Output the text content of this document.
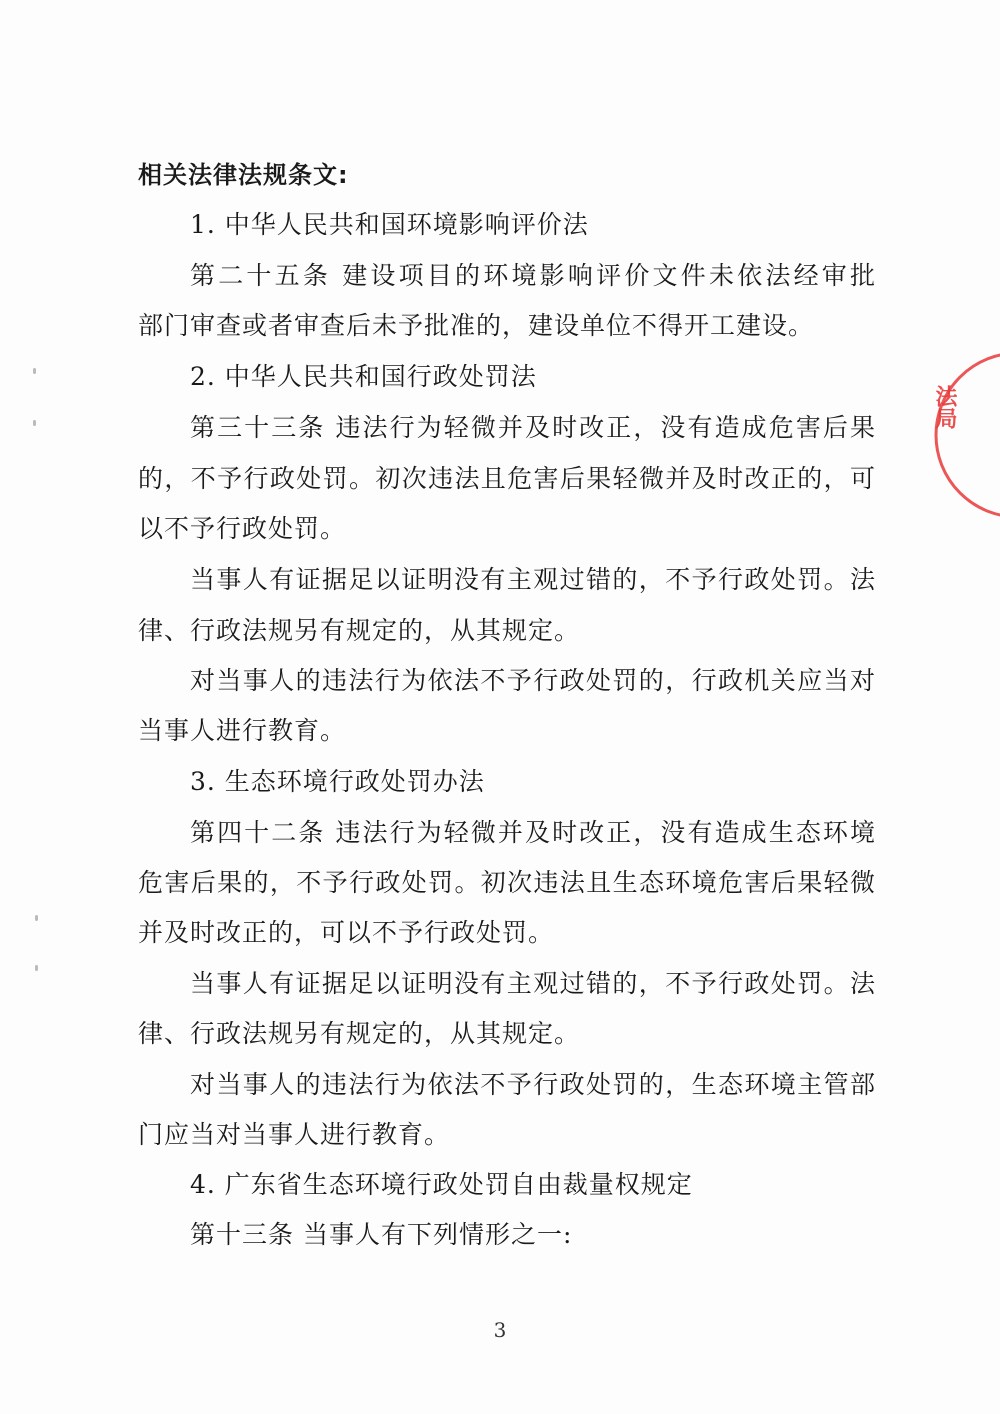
相关法律法规条文:
1. 中华人民共和国环境影响评价法
第二十五条 建设项目的环境影响评价文件未依法经审批
部门审查或者审查后未予批准的，建设单位不得开工建设。
2. 中华人民共和国行政处罚法
第三十三条 违法行为轻微并及时改正，没有造成危害后果
的，不予行政处罚。初次违法且危害后果轻微并及时改正的，可
以不予行政处罚。
当事人有证据足以证明没有主观过错的，不予行政处罚。法
律、行政法规另有规定的，从其规定。
对当事人的违法行为依法不予行政处罚的，行政机关应当对
当事人进行教育。
3. 生态环境行政处罚办法
第四十二条 违法行为轻微并及时改正，没有造成生态环境
危害后果的，不予行政处罚。初次违法且生态环境危害后果轻微
并及时改正的，可以不予行政处罚。
当事人有证据足以证明没有主观过错的，不予行政处罚。法
律、行政法规另有规定的，从其规定。
对当事人的违法行为依法不予行政处罚的，生态环境主管部
门应当对当事人进行教育。
4. 广东省生态环境行政处罚自由裁量权规定
第十三条 当事人有下列情形之一:
3
法局
